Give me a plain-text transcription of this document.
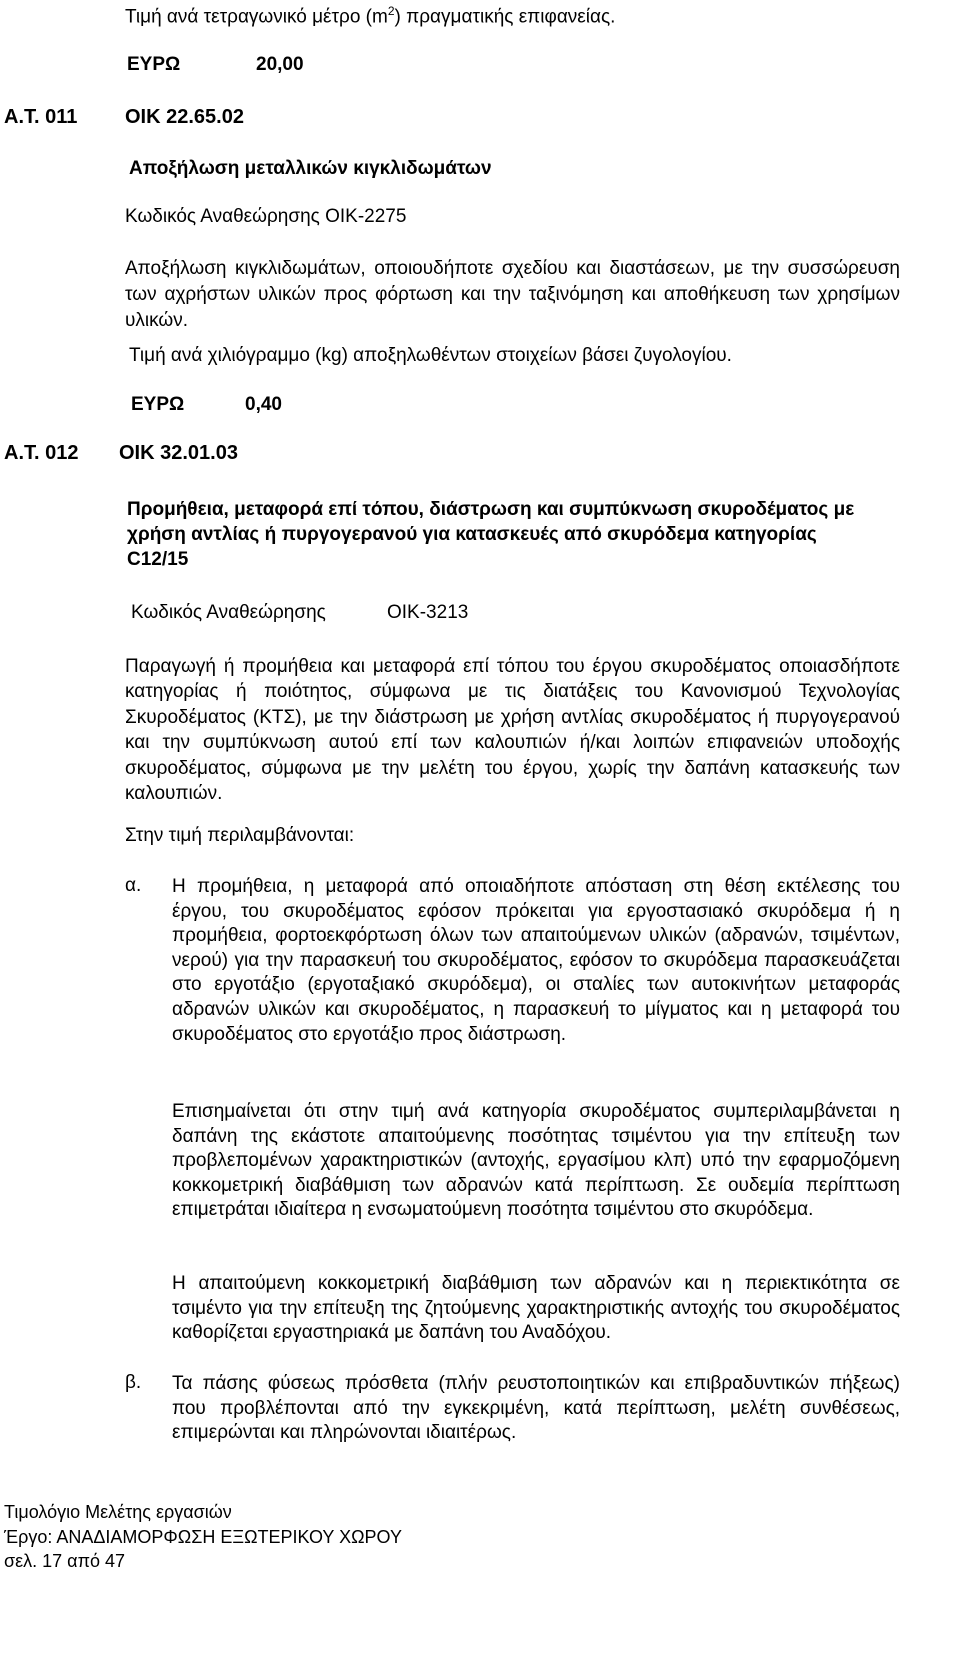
Τιμή ανά τετραγωνικό μέτρο $(m^2)$ πραγματικής επιφανείας.
ΕΥΡΩ	20,00
Α.Τ. 011 ΟΙΚ 22.65.02
Αποξήλωση μεταλλικών κιγκλιδωμάτων
Κωδικός Αναθεώρησης ΟΙΚ-2275
Αποξήλωση κιγκλιδωμάτων, οποιουδήποτε σχεδίου και διαστάσεων, με την συσσώρευση των αχρήστων υλικών προς φόρτωση και την ταξινόμηση και αποθήκευση των χρησίμων υλικών.
Τιμή ανά χιλιόγραμμο (kg) αποξηλωθέντων στοιχείων βάσει ζυγολογίου.
ΕΥΡΩ	0,40
Α.Τ. 012 ΟΙΚ 32.01.03
Προμήθεια, μεταφορά επί τόπου, διάστρωση και συμπύκνωση σκυροδέματος με χρήση αντλίας ή πυργογερανού για κατασκευές από σκυρόδεμα κατηγορίας C12/15
Κωδικός Αναθεώρησης	ΟΙΚ-3213
Παραγωγή ή προμήθεια και μεταφορά επί τόπου του έργου σκυροδέματος οποιασδήποτε κατηγορίας ή ποιότητος, σύμφωνα με τις διατάξεις του Κανονισμού Τεχνολογίας Σκυροδέματος (ΚΤΣ), με την διάστρωση με χρήση αντλίας σκυροδέματος ή πυργογερανού και την συμπύκνωση αυτού επί των καλουπιών ή/και λοιπών επιφανειών υποδοχής σκυροδέματος, σύμφωνα με την μελέτη του έργου, χωρίς την δαπάνη κατασκευής των καλουπιών.
Στην τιμή περιλαμβάνονται:
α. Η προμήθεια, η μεταφορά από οποιαδήποτε απόσταση στη θέση εκτέλεσης του έργου, του σκυροδέματος εφόσον πρόκειται για εργοστασιακό σκυρόδεμα ή η προμήθεια, φορτοεκφόρτωση όλων των απαιτούμενων υλικών (αδρανών, τσιμέντων, νερού) για την παρασκευή του σκυροδέματος, εφόσον το σκυρόδεμα παρασκευάζεται στο εργοτάξιο (εργοταξιακό σκυρόδεμα), οι σταλίες των αυτοκινήτων μεταφοράς αδρανών υλικών και σκυροδέματος, η παρασκευή το μίγματος και η μεταφορά του σκυροδέματος στο εργοτάξιο προς διάστρωση.
Επισημαίνεται ότι στην τιμή ανά κατηγορία σκυροδέματος συμπεριλαμβάνεται η δαπάνη της εκάστοτε απαιτούμενης ποσότητας τσιμέντου για την επίτευξη των προβλεπομένων χαρακτηριστικών (αντοχής, εργασίμου κλπ) υπό την εφαρμοζόμενη κοκκομετρική διαβάθμιση των αδρανών κατά περίπτωση. Σε ουδεμία περίπτωση επιμετράται ιδιαίτερα η ενσωματούμενη ποσότητα τσιμέντου στο σκυρόδεμα.
Η απαιτούμενη κοκκομετρική διαβάθμιση των αδρανών και η περιεκτικότητα σε τσιμέντο για την επίτευξη της ζητούμενης χαρακτηριστικής αντοχής του σκυροδέματος καθορίζεται εργαστηριακά με δαπάνη του Αναδόχου.
β. Τα πάσης φύσεως πρόσθετα (πλήν ρευστοποιητικών και επιβραδυντικών πήξεως) που προβλέπονται από την εγκεκριμένη, κατά περίπτωση, μελέτη συνθέσεως, επιμερώνται και πληρώνονται ιδιαιτέρως.
Τιμολόγιο Μελέτης εργασιών
Έργο: ΑΝΑΔΙΑΜΟΡΦΩΣΗ ΕΞΩΤΕΡΙΚΟΥ ΧΩΡΟΥ
σελ. 17 από 47
